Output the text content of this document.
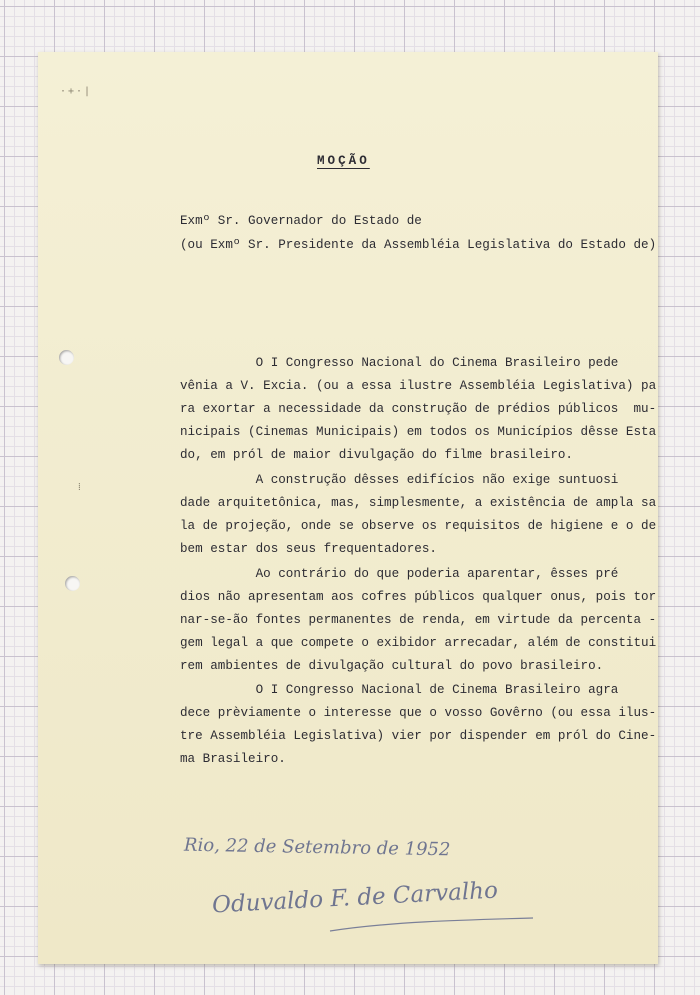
·+·|
⁞
MOÇÃO
Exmº Sr. Governador do Estado de
(ou Exmº Sr. Presidente da Assembléia Legislativa do Estado de)
O I Congresso Nacional do Cinema Brasileiro pede
vênia a V. Excia. (ou a essa ilustre Assembléia Legislativa) pa
ra exortar a necessidade da construção de prédios públicos  mu-
nicipais (Cinemas Municipais) em todos os Municípios dêsse Esta
do, em pról de maior divulgação do filme brasileiro.
A construção dêsses edifícios não exige suntuosi
dade arquitetônica, mas, simplesmente, a existência de ampla sa
la de projeção, onde se observe os requisitos de higiene e o de
bem estar dos seus frequentadores.
Ao contrário do que poderia aparentar, êsses pré
dios não apresentam aos cofres públicos qualquer onus, pois tor
nar-se-ão fontes permanentes de renda, em virtude da percenta -
gem legal a que compete o exibidor arrecadar, além de constitui
rem ambientes de divulgação cultural do povo brasileiro.
O I Congresso Nacional de Cinema Brasileiro agra
dece prèviamente o interesse que o vosso Govêrno (ou essa ilus-
tre Assembléia Legislativa) vier por dispender em pról do Cine-
ma Brasileiro.
Rio, 22 de Setembro de 1952
Oduvaldo F. de Carvalho
